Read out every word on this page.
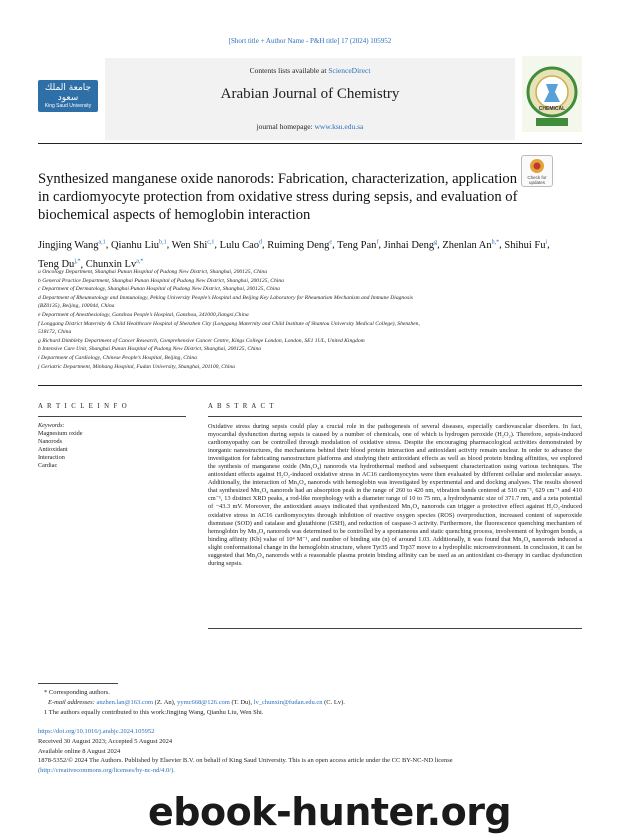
[Short title + Author Name - P&H title] 17 (2024) 105952
Contents lists available at ScienceDirect
Arabian Journal of Chemistry
journal homepage: www.ksu.edu.sa
جامعة الملك سعود
King Saud University	CHEMICAL
Check for updates
Synthesized manganese oxide nanorods: Fabrication, characterization, application in cardiomyocyte protection from oxidative stress during sepsis, and evaluation of biochemical aspects of hemoglobin interaction
Jingjing Wang$^{a,1}$, Qianhu Liu$^{b,1}$, Wen Shi$^{c,1}$, Lulu Cao$^d$, Ruiming Deng$^e$, Teng Pan$^f$, Jinhai Deng$^g$, Zhenlan $An^{h,*}$, Shihui Fu$^i$, Teng $Du^{j,*}$, Chunxin $Lv^{a,*}$
a Oncology Department, Shanghai Punan Hospital of Pudong New District, Shanghai, 200125, China
b General Practice Department, Shanghai Punan Hospital of Pudong New District, Shanghai, 200125, China
c Department of Dermatology, Shanghai Punan Hospital of Pudong New District, Shanghai, 200125, China
d Department of Rheumatology and Immunology, Peking University People’s Hospital and Beijing Key Laboratory for Rheumatism Mechanism and Immune Diagnosis
(BZ0135), Beijing, 100044, China
e Department of Anesthesiology, Ganzhou People’s Hospital, Ganzhou, 341000,Jiangxi,China
f Longgang District Maternity & Child Healthcare Hospital of Shenzhen City (Longgang Maternity and Child Institute of Shantou University Medical College), Shenzhen,
518172, China
g Richard Dimbleby Department of Cancer Research, Comprehensive Cancer Centre, Kings College London, London, SE1 1UL, United Kingdom
h Intensive Care Unit, Shanghai Punan Hospital of Pudong New District, Shanghai, 200125, China
i Department of Cardiology, Chinese People’s Hospital, Beijing, China
j Geriatric Department, Minhang Hospital, Fudan University, Shanghai, 201100, China
A R T I C L E I N F O	A B S T R A C T
Keywords:
Magnesium oxide
Nanorods
Antioxidant
Interaction
Cardiac
Oxidative stress during sepsis could play a crucial role in the pathogenesis of several diseases, especially cardiovascular disorders. In fact, myocardial dysfunction during sepsis is caused by a number of chemicals, one of which is hydrogen peroxide (H₂O₂). Therefore, sepsis-induced cardiomyopathy can be controlled through modulation of oxidative stress. Despite the encouraging pharmacological activities demonstrated by inorganic nanostructures, the mechanisms behind their blood protein interaction and antioxidant activity remain unclear. In order to advance the investigation for fabricating nanostructure platforms and studying their antioxidant effects as well as blood protein binding affinities, we explored the synthesis of manganese oxide (Mn₃O₄) nanorods via hydrothermal method and subsequent characterization using various techniques. The antioxidant effects against H₂O₂-induced oxidative stress in AC16 cardiomyocytes were then evaluated by different cellular and molecular assays. Additionally, the interaction of Mn₃O₄ nanorods with hemoglobin was investigated by experimental and and docking analyses. The results showed that synthesized Mn₃O₄ nanorods had an absorption peak in the range of 260 to 420 nm, vibration bands centered at 510 cm⁻¹, 629 cm⁻¹ and 410 cm⁻¹, 13 distinct XRD peaks, a rod-like morphology with a diameter range of 10 to 75 nm, a hydrodynamic size of 371.7 nm, and a zeta potential of −43.3 mV. Moreover, the antioxidant assays indicated that synthesized Mn₃O₄ nanorods can trigger a protective effect against H₂O₂-induced oxidative stress in AC16 cardiomyocytes through inhibition of reactive oxygen species (ROS) overproduction, increased content of superoxide dismutase (SOD) and catalase and glutathione (GSH), and reduction of caspase-3 activity. Furthermore, the fluorescence quenching mechanism of hemoglobin by Mn₃O₄ nanorods was determined to be controlled by a spontaneous and static quenching process, involvement of hydrogen bonds, a binding affinity (Kb) value of 10⁴ M⁻¹, and number of binding site (n) of around 1.03. Additionally, it was found that Mn₃O₄ nanorods induced a slight conformational change in the hemoglobin structure, where Tyr35 and Trp37 move to a hydrophilic microenvironment. In conclusion, it can be suggested that Mn₃O₄ nanorods with a reasonable plasma protein binding affinity can be used as an antioxidant co-therapy in cardiac dysfunction during sepsis.
* Corresponding authors.
E-mail addresses: anzhen.lan@163.com (Z. An), yymc668@126.com (T. Du), lv_chunxin@fudan.edu.cn (C. Lv).
1 The authors equally contributed to this work:Jingjing Wang, Qianhu Liu, Wen Shi.
https://doi.org/10.1016/j.arabjc.2024.105952
Received 30 August 2023; Accepted 5 August 2024
Available online 8 August 2024
1878-5352/© 2024 The Authors. Published by Elsevier B.V. on behalf of King Saud University. This is an open access article under the CC BY-NC-ND license
(http://creativecommons.org/licenses/by-nc-nd/4.0/).
ebook-hunter.org
